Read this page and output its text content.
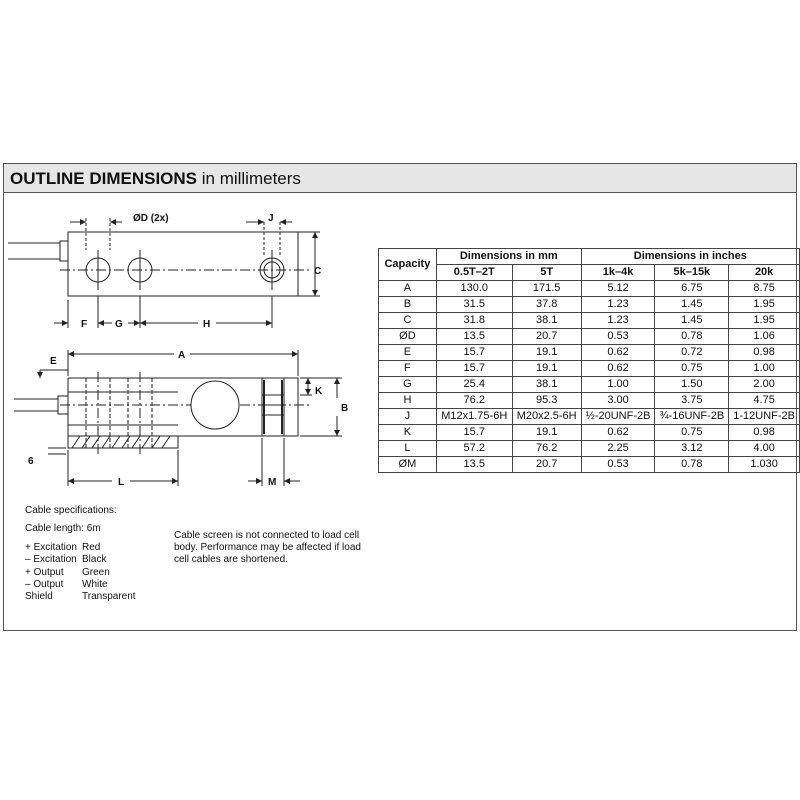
OUTLINE DIMENSIONS in millimeters
ØD (2x)	J
C
F	G	H
E
A
K
B
6
L	M
Capacity	Dimensions in mm		Dimensions in inches		
	0.5T–2T	5T	1k–4k	5k–15k	20k
A	130.0	171.5	5.12	6.75	8.75
B	31.5	37.8	1.23	1.45	1.95
C	31.8	38.1	1.23	1.45	1.95
ØD	13.5	20.7	0.53	0.78	1.06
E	15.7	19.1	0.62	0.72	0.98
F	15.7	19.1	0.62	0.75	1.00
G	25.4	38.1	1.00	1.50	2.00
H	76.2	95.3	3.00	3.75	4.75
J	M12x1.75-6H	M20x2.5-6H	½-20UNF-2B	¾-16UNF-2B	1-12UNF-2B
K	15.7	19.1	0.62	0.75	0.98
L	57.2	76.2	2.25	3.12	4.00
ØM	13.5	20.7	0.53	0.78	1.030
Cable specifications:
Cable length: 6m
+ Excitation Red
– Excitation Black
+ Output	Green
– Output	White
Shield	Transparent
Cable screen is not connected to load cell body. Performance may be affected if load cell cables are shortened.
